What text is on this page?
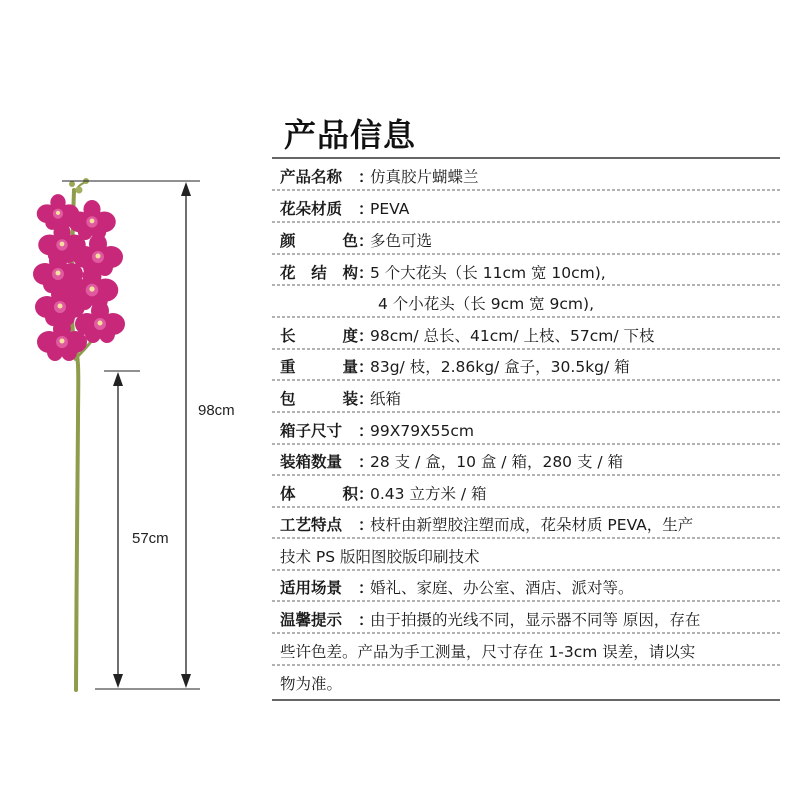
98cm
57cm
产品信息
产品名称 ：仿真胶片蝴蝶兰
花朵材质 ：PEVA
颜色：多色可选
花结构：5 个大花头（长 11cm 宽 10cm),
4 个小花头（长 9cm 宽 9cm),
长度：98cm/ 总长、41cm/ 上枝、57cm/ 下枝
重量：83g/ 枝，2.86kg/ 盒子，30.5kg/ 箱
包装：纸箱
箱子尺寸 ：99X79X55cm
装箱数量 ：28 支 / 盒，10 盒 / 箱，280 支 / 箱
体积：0.43 立方米 / 箱
工艺特点 ：枝杆由新塑胶注塑而成，花朵材质 PEVA，生产
技术 PS 版阳图胶版印刷技术
适用场景 ：婚礼、家庭、办公室、酒店、派对等。
温馨提示 ：由于拍摄的光线不同，显示器不同等 原因，存在
些许色差。产品为手工测量，尺寸存在 1-3cm 误差，请以实
物为准。
